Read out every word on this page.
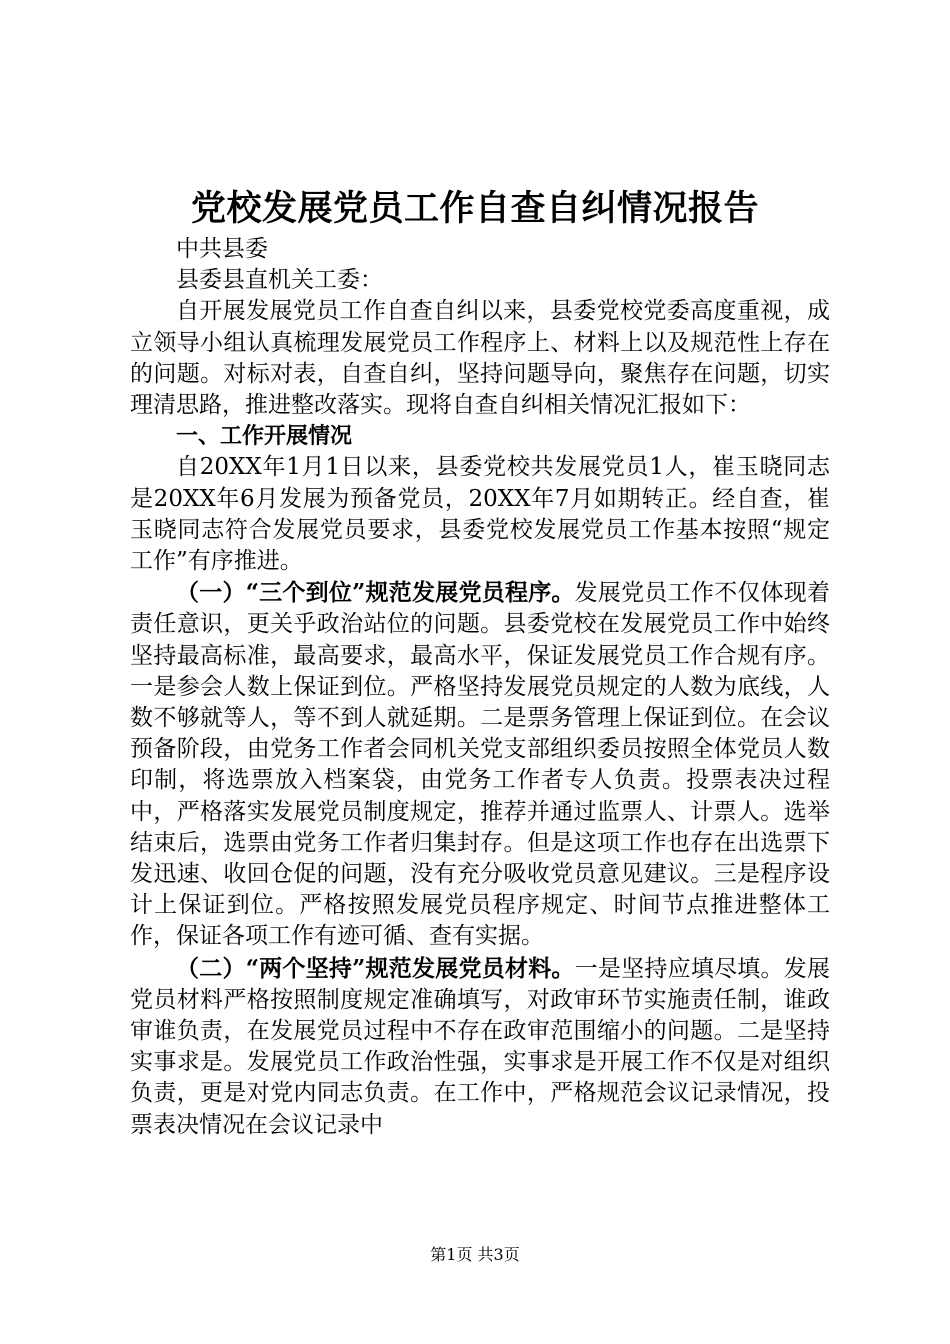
党校发展党员工作自查自纠情况报告

中共县委

县委县直机关工委：

自开展发展党员工作自查自纠以来，县委党校党委高度重视，成立领导小组认真梳理发展党员工作程序上、材料上以及规范性上存在的问题。对标对表，自查自纠，坚持问题导向，聚焦存在问题，切实理清思路，推进整改落实。现将自查自纠相关情况汇报如下：

一、工作开展情况

自20XX年1月1日以来，县委党校共发展党员1人，崔玉晓同志是20XX年6月发展为预备党员，20XX年7月如期转正。经自查，崔玉晓同志符合发展党员要求，县委党校发展党员工作基本按照“规定工作”有序推进。

（一）“三个到位”规范发展党员程序。发展党员工作不仅体现着责任意识，更关乎政治站位的问题。县委党校在发展党员工作中始终坚持最高标准，最高要求，最高水平，保证发展党员工作合规有序。一是参会人数上保证到位。严格坚持发展党员规定的人数为底线，人数不够就等人，等不到人就延期。二是票务管理上保证到位。在会议预备阶段，由党务工作者会同机关党支部组织委员按照全体党员人数印制，将选票放入档案袋，由党务工作者专人负责。投票表决过程中，严格落实发展党员制度规定，推荐并通过监票人、计票人。选举结束后，选票由党务工作者归集封存。但是这项工作也存在出选票下发迅速、收回仓促的问题，没有充分吸收党员意见建议。三是程序设计上保证到位。严格按照发展党员程序规定、时间节点推进整体工作，保证各项工作有迹可循、查有实据。

（二）“两个坚持”规范发展党员材料。一是坚持应填尽填。发展党员材料严格按照制度规定准确填写，对政审环节实施责任制，谁政审谁负责，在发展党员过程中不存在政审范围缩小的问题。二是坚持实事求是。发展党员工作政治性强，实事求是开展工作不仅是对组织负责，更是对党内同志负责。在工作中，严格规范会议记录情况，投票表决情况在会议记录中

第1页 共3页
